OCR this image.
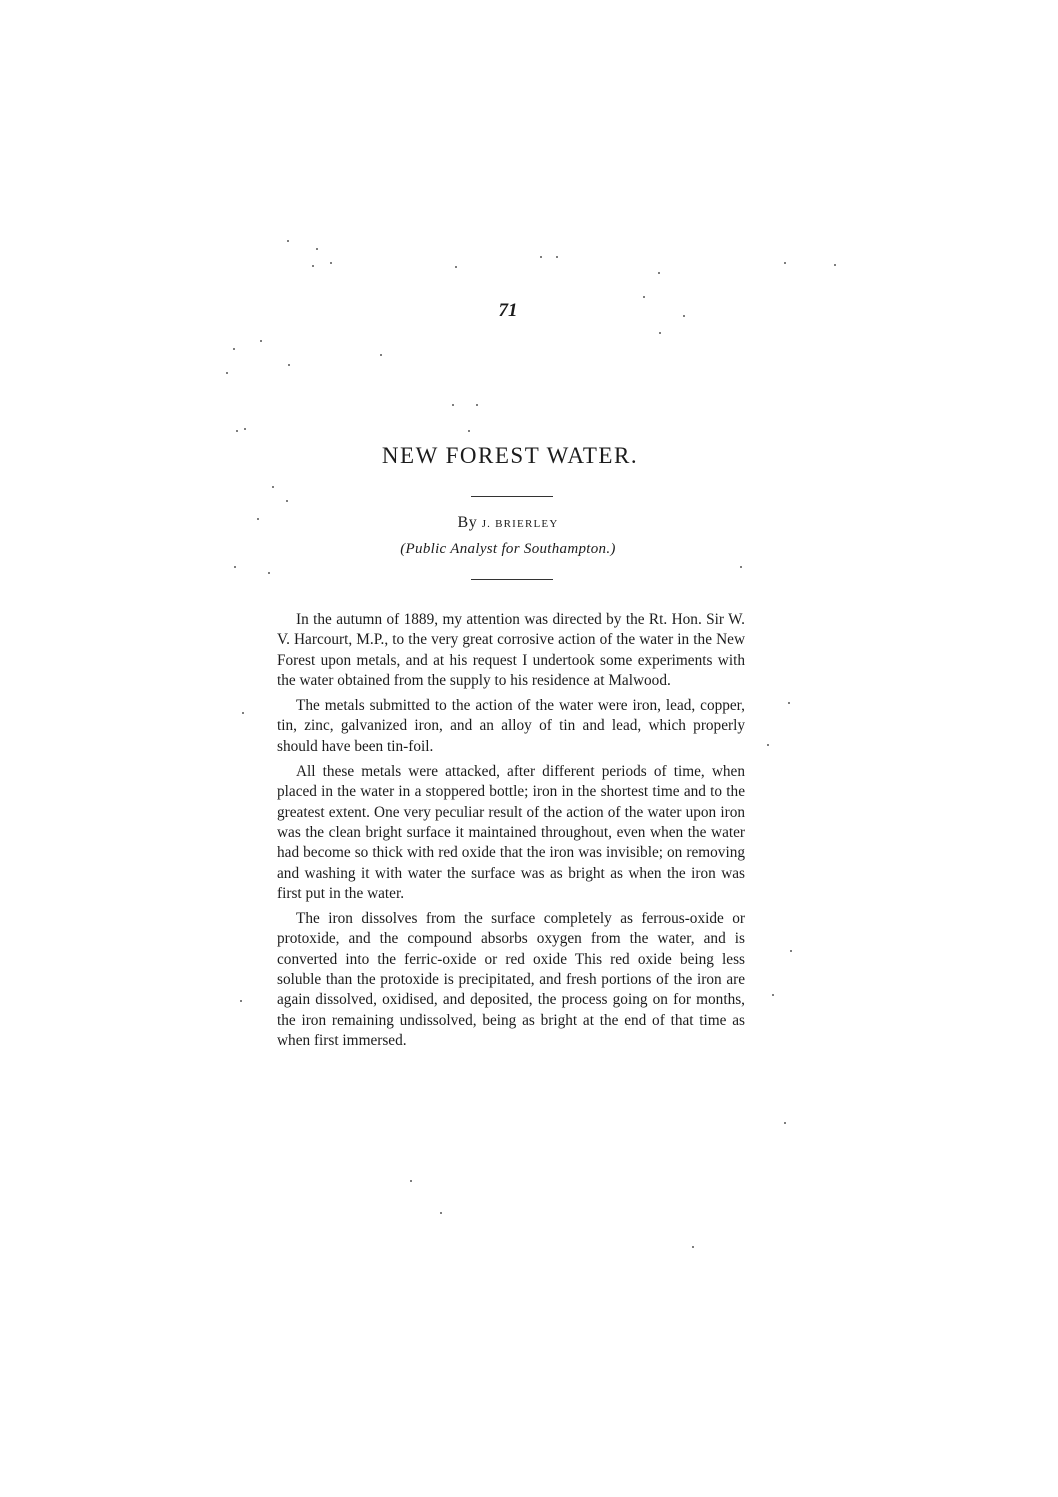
71
NEW FOREST WATER.
By J. BRIERLEY
(Public Analyst for Southampton.)

In the autumn of 1889, my attention was directed by the Rt. Hon. Sir W. V. Harcourt, M.P., to the very great corrosive action of the water in the New Forest upon metals, and at his request I undertook some experiments with the water obtained from the supply to his residence at Malwood.

The metals submitted to the action of the water were iron, lead, copper, tin, zinc, galvanized iron, and an alloy of tin and lead, which properly should have been tin-foil.

All these metals were attacked, after different periods of time, when placed in the water in a stoppered bottle; iron in the shortest time and to the greatest extent. One very peculiar result of the action of the water upon iron was the clean bright surface it maintained throughout, even when the water had become so thick with red oxide that the iron was invisible; on removing and washing it with water the surface was as bright as when the iron was first put in the water.

The iron dissolves from the surface completely as ferrous-oxide or protoxide, and the compound absorbs oxygen from the water, and is converted into the ferric-oxide or red oxide This red oxide being less soluble than the protoxide is precipitated, and fresh portions of the iron are again dissolved, oxidised, and deposited, the process going on for months, the iron remaining undissolved, being as bright at the end of that time as when first immersed.
